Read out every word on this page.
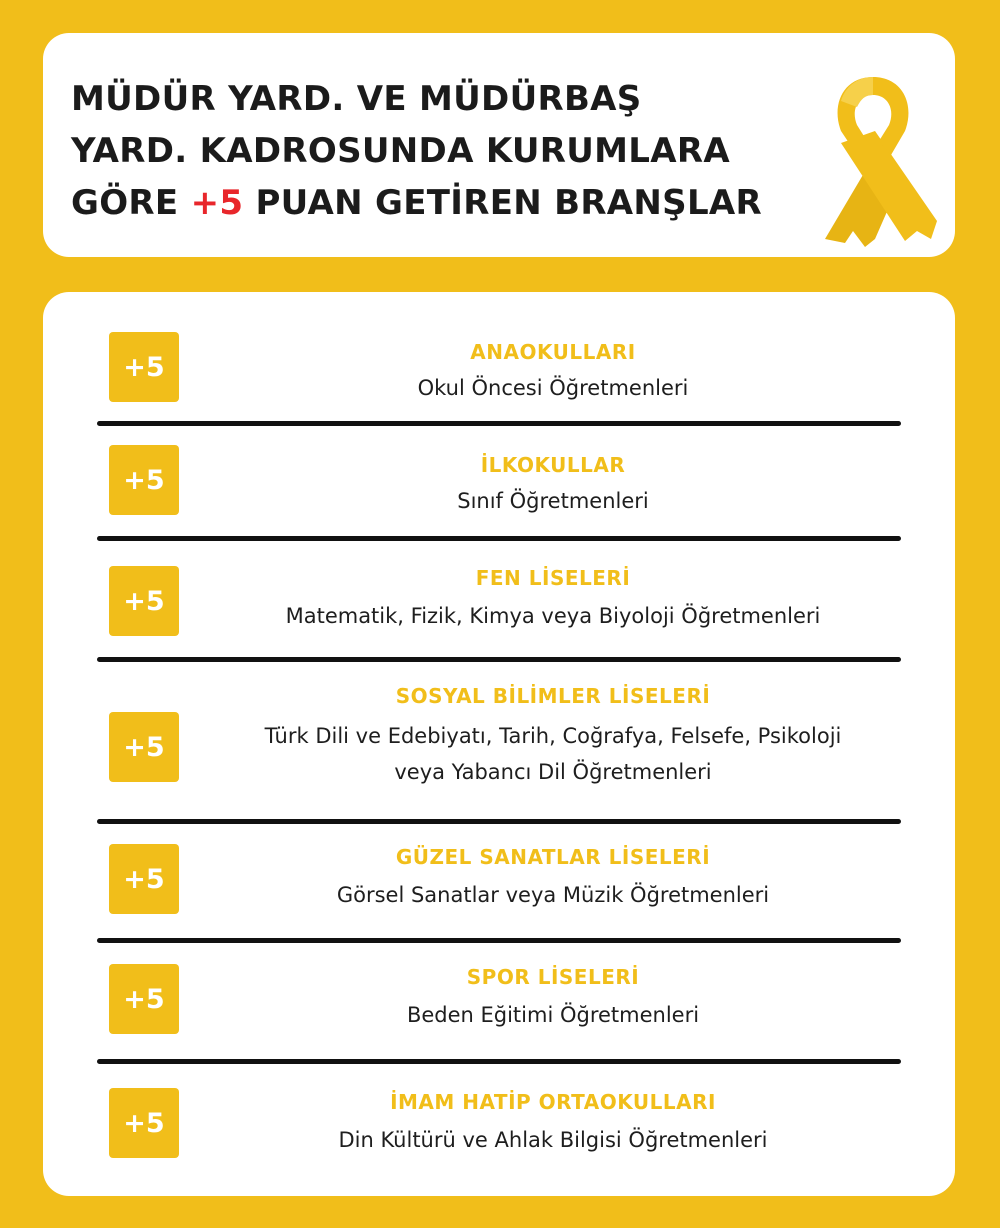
MÜDÜR YARD. VE MÜDÜRBAŞ
YARD. KADROSUNDA KURUMLARA
GÖRE +5 PUAN GETİREN BRANŞLAR
+5	ANAOKULLARI
Okul Öncesi Öğretmenleri
+5	İLKOKULLAR
Sınıf Öğretmenleri
+5
FEN LİSELERİ
Matematik, Fizik, Kimya veya Biyoloji Öğretmenleri
+5
SOSYAL BİLİMLER LİSELERİ
Türk Dili ve Edebiyatı, Tarih, Coğrafya, Felsefe, Psikoloji
veya Yabancı Dil Öğretmenleri
+5
GÜZEL SANATLAR LİSELERİ
Görsel Sanatlar veya Müzik Öğretmenleri
+5
SPOR LİSELERİ
Beden Eğitimi Öğretmenleri
+5
İMAM HATİP ORTAOKULLARI
Din Kültürü ve Ahlak Bilgisi Öğretmenleri
